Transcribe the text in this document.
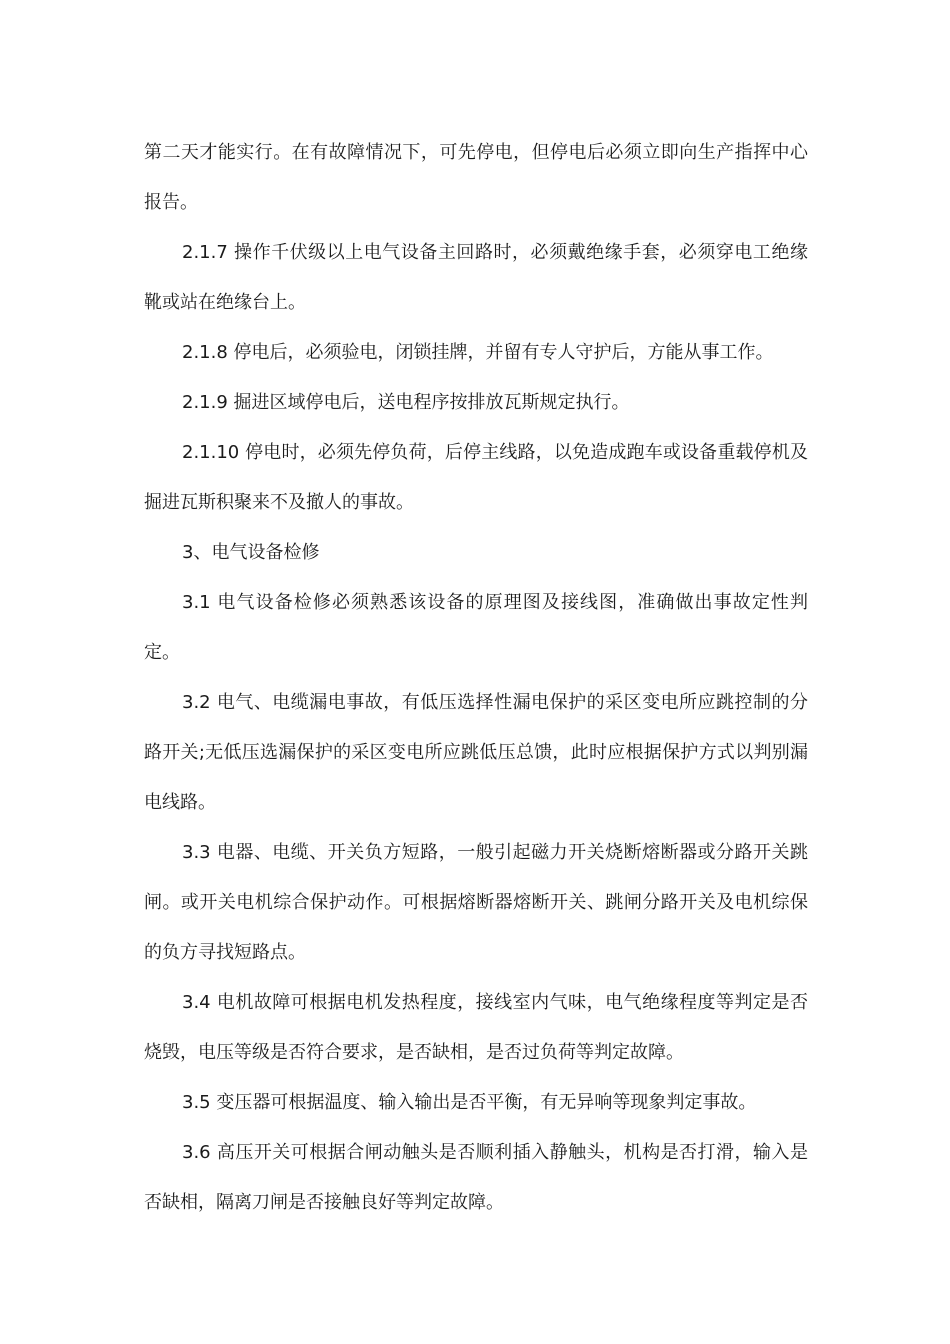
第二天才能实行。在有故障情况下，可先停电，但停电后必须立即向生产指挥中心报告。

2.1.7 操作千伏级以上电气设备主回路时，必须戴绝缘手套，必须穿电工绝缘靴或站在绝缘台上。

2.1.8 停电后，必须验电，闭锁挂牌，并留有专人守护后，方能从事工作。

2.1.9 掘进区域停电后，送电程序按排放瓦斯规定执行。

2.1.10 停电时，必须先停负荷，后停主线路，以免造成跑车或设备重载停机及掘进瓦斯积聚来不及撤人的事故。

3、电气设备检修

3.1 电气设备检修必须熟悉该设备的原理图及接线图，准确做出事故定性判定。

3.2 电气、电缆漏电事故，有低压选择性漏电保护的采区变电所应跳控制的分路开关;无低压选漏保护的采区变电所应跳低压总馈，此时应根据保护方式以判别漏电线路。

3.3 电器、电缆、开关负方短路，一般引起磁力开关烧断熔断器或分路开关跳闸。或开关电机综合保护动作。可根据熔断器熔断开关、跳闸分路开关及电机综保的负方寻找短路点。

3.4 电机故障可根据电机发热程度，接线室内气味，电气绝缘程度等判定是否烧毁，电压等级是否符合要求，是否缺相，是否过负荷等判定故障。

3.5 变压器可根据温度、输入输出是否平衡，有无异响等现象判定事故。

3.6 高压开关可根据合闸动触头是否顺利插入静触头，机构是否打滑，输入是否缺相，隔离刀闸是否接触良好等判定故障。
